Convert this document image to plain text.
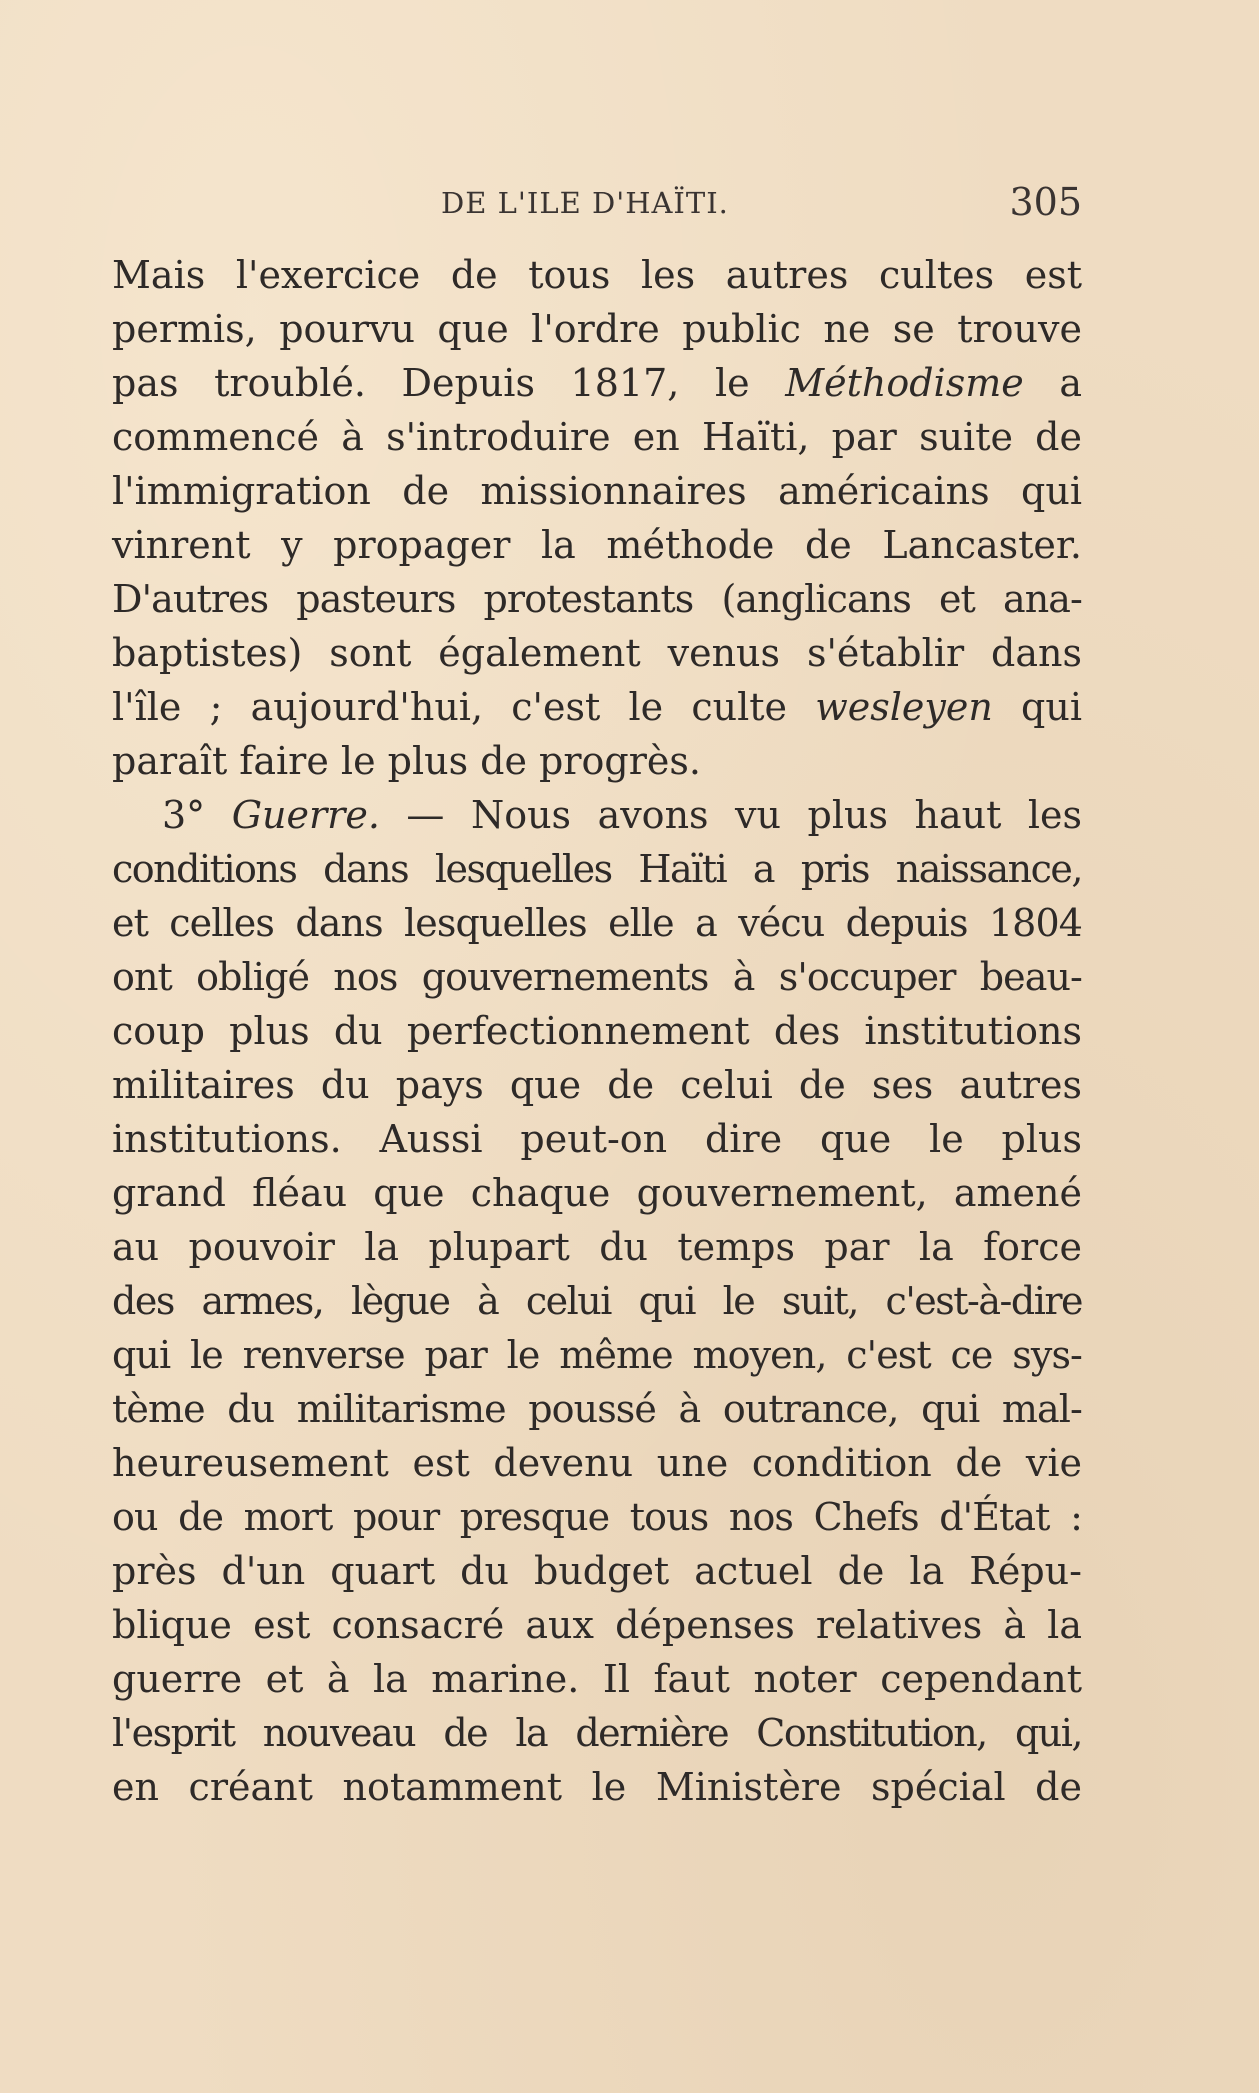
DE L'ILE D'HAÏTI.	305
Mais l'exercice de tous les autres cultes est
permis, pourvu que l'ordre public ne se trouve
pas troublé. Depuis 1817, le Méthodisme a
commencé à s'introduire en Haïti, par suite de
l'immigration de missionnaires américains qui
vinrent y propager la méthode de Lancaster.
D'autres pasteurs protestants (anglicans et ana-
baptistes) sont également venus s'établir dans
l'île ; aujourd'hui, c'est le culte wesleyen qui
paraît faire le plus de progrès.
3° Guerre. — Nous avons vu plus haut les
conditions dans lesquelles Haïti a pris naissance,
et celles dans lesquelles elle a vécu depuis 1804
ont obligé nos gouvernements à s'occuper beau-
coup plus du perfectionnement des institutions
militaires du pays que de celui de ses autres
institutions. Aussi peut-on dire que le plus
grand fléau que chaque gouvernement, amené
au pouvoir la plupart du temps par la force
des armes, lègue à celui qui le suit, c'est-à-dire
qui le renverse par le même moyen, c'est ce sys-
tème du militarisme poussé à outrance, qui mal-
heureusement est devenu une condition de vie
ou de mort pour presque tous nos Chefs d'État :
près d'un quart du budget actuel de la Répu-
blique est consacré aux dépenses relatives à la
guerre et à la marine. Il faut noter cependant
l'esprit nouveau de la dernière Constitution, qui,
en créant notamment le Ministère spécial de
